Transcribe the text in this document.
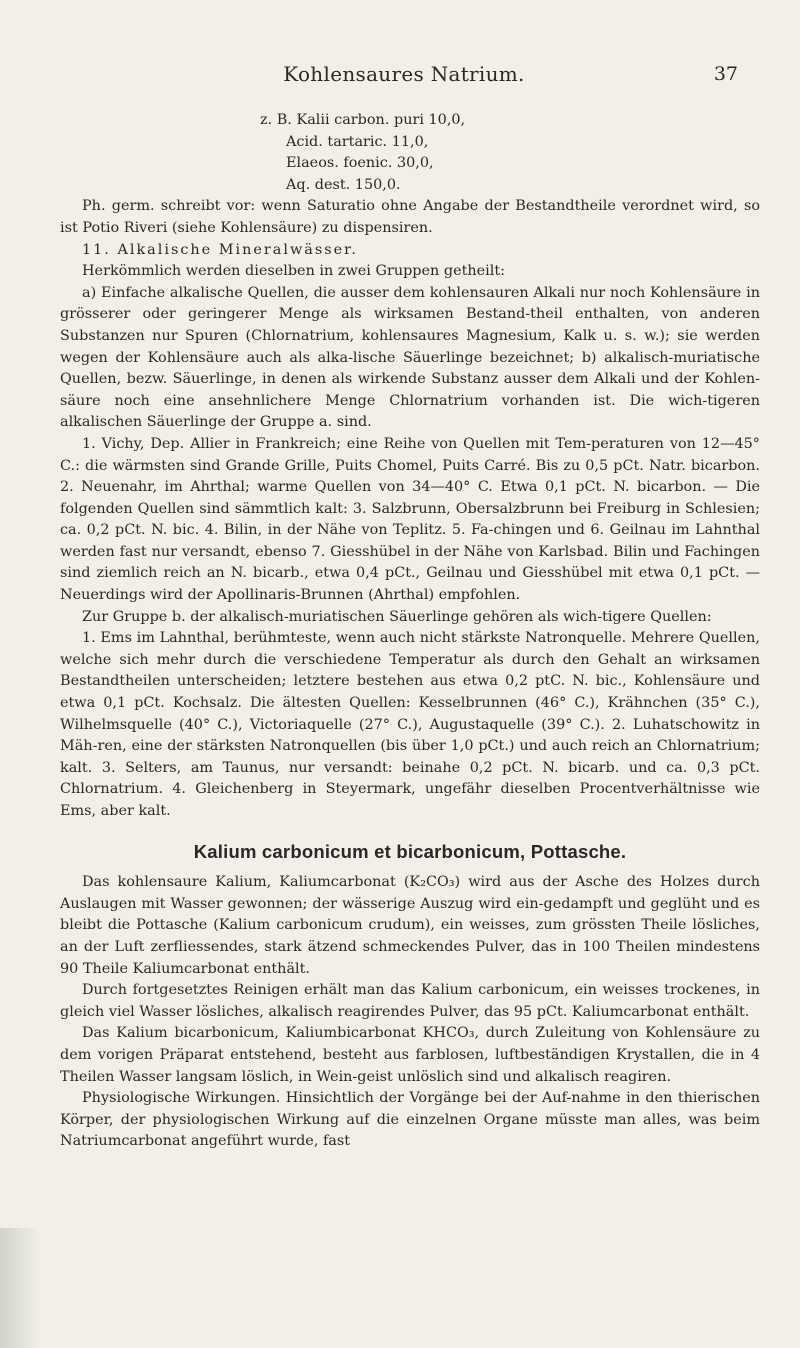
Kohlensaures Natrium.	37
z. B. Kalii carbon. puri 10,0,
Acid. tartaric. 11,0,
Elaeos. foenic. 30,0,
Aq. dest. 150,0.

Ph. germ. schreibt vor: wenn Saturatio ohne Angabe der Bestandtheile verordnet wird, so ist Potio Riveri (siehe Kohlensäure) zu dispensiren.

11. Alkalische Mineralwässer.

Herkömmlich werden dieselben in zwei Gruppen getheilt:

a) Einfache alkalische Quellen, die ausser dem kohlensauren Alkali nur noch Kohlensäure in grösserer oder geringerer Menge als wirksamen Bestand-theil enthalten, von anderen Substanzen nur Spuren (Chlornatrium, kohlensaures Magnesium, Kalk u. s. w.); sie werden wegen der Kohlensäure auch als alka-lische Säuerlinge bezeichnet; b) alkalisch-muriatische Quellen, bezw. Säuerlinge, in denen als wirkende Substanz ausser dem Alkali und der Kohlen-säure noch eine ansehnlichere Menge Chlornatrium vorhanden ist. Die wich-tigeren alkalischen Säuerlinge der Gruppe a. sind.

1. Vichy, Dep. Allier in Frankreich; eine Reihe von Quellen mit Tem-peraturen von 12—45° C.: die wärmsten sind Grande Grille, Puits Chomel, Puits Carré. Bis zu 0,5 pCt. Natr. bicarbon. 2. Neuenahr, im Ahrthal; warme Quellen von 34—40° C. Etwa 0,1 pCt. N. bicarbon. — Die folgenden Quellen sind sämmtlich kalt: 3. Salzbrunn, Obersalzbrunn bei Freiburg in Schlesien; ca. 0,2 pCt. N. bic. 4. Bilin, in der Nähe von Teplitz. 5. Fa-chingen und 6. Geilnau im Lahnthal werden fast nur versandt, ebenso 7. Giesshübel in der Nähe von Karlsbad. Bilin und Fachingen sind ziemlich reich an N. bicarb., etwa 0,4 pCt., Geilnau und Giesshübel mit etwa 0,1 pCt. — Neuerdings wird der Apollinaris-Brunnen (Ahrthal) empfohlen.

Zur Gruppe b. der alkalisch-muriatischen Säuerlinge gehören als wich-tigere Quellen:

1. Ems im Lahnthal, berühmteste, wenn auch nicht stärkste Natronquelle. Mehrere Quellen, welche sich mehr durch die verschiedene Temperatur als durch den Gehalt an wirksamen Bestandtheilen unterscheiden; letztere bestehen aus etwa 0,2 ptC. N. bic., Kohlensäure und etwa 0,1 pCt. Kochsalz. Die ältesten Quellen: Kesselbrunnen (46° C.), Krähnchen (35° C.), Wilhelmsquelle (40° C.), Victoriaquelle (27° C.), Augustaquelle (39° C.). 2. Luhatschowitz in Mäh-ren, eine der stärksten Natronquellen (bis über 1,0 pCt.) und auch reich an Chlornatrium; kalt. 3. Selters, am Taunus, nur versandt: beinahe 0,2 pCt. N. bicarb. und ca. 0,3 pCt. Chlornatrium. 4. Gleichenberg in Steyermark, ungefähr dieselben Procentverhältnisse wie Ems, aber kalt.

Kalium carbonicum et bicarbonicum, Pottasche.

Das kohlensaure Kalium, Kaliumcarbonat (K₂CO₃) wird aus der Asche des Holzes durch Auslaugen mit Wasser gewonnen; der wässerige Auszug wird ein-gedampft und geglüht und es bleibt die Pottasche (Kalium carbonicum crudum), ein weisses, zum grössten Theile lösliches, an der Luft zerfliessendes, stark ätzend schmeckendes Pulver, das in 100 Theilen mindestens 90 Theile Kaliumcarbonat enthält.

Durch fortgesetztes Reinigen erhält man das Kalium carbonicum, ein weisses trockenes, in gleich viel Wasser lösliches, alkalisch reagirendes Pulver, das 95 pCt. Kaliumcarbonat enthält.

Das Kalium bicarbonicum, Kaliumbicarbonat KHCO₃, durch Zuleitung von Kohlensäure zu dem vorigen Präparat entstehend, besteht aus farblosen, luftbeständigen Krystallen, die in 4 Theilen Wasser langsam löslich, in Wein-geist unlöslich sind und alkalisch reagiren.

Physiologische Wirkungen. Hinsichtlich der Vorgänge bei der Auf-nahme in den thierischen Körper, der physiologischen Wirkung auf die einzelnen Organe müsste man alles, was beim Natriumcarbonat angeführt wurde, fast
